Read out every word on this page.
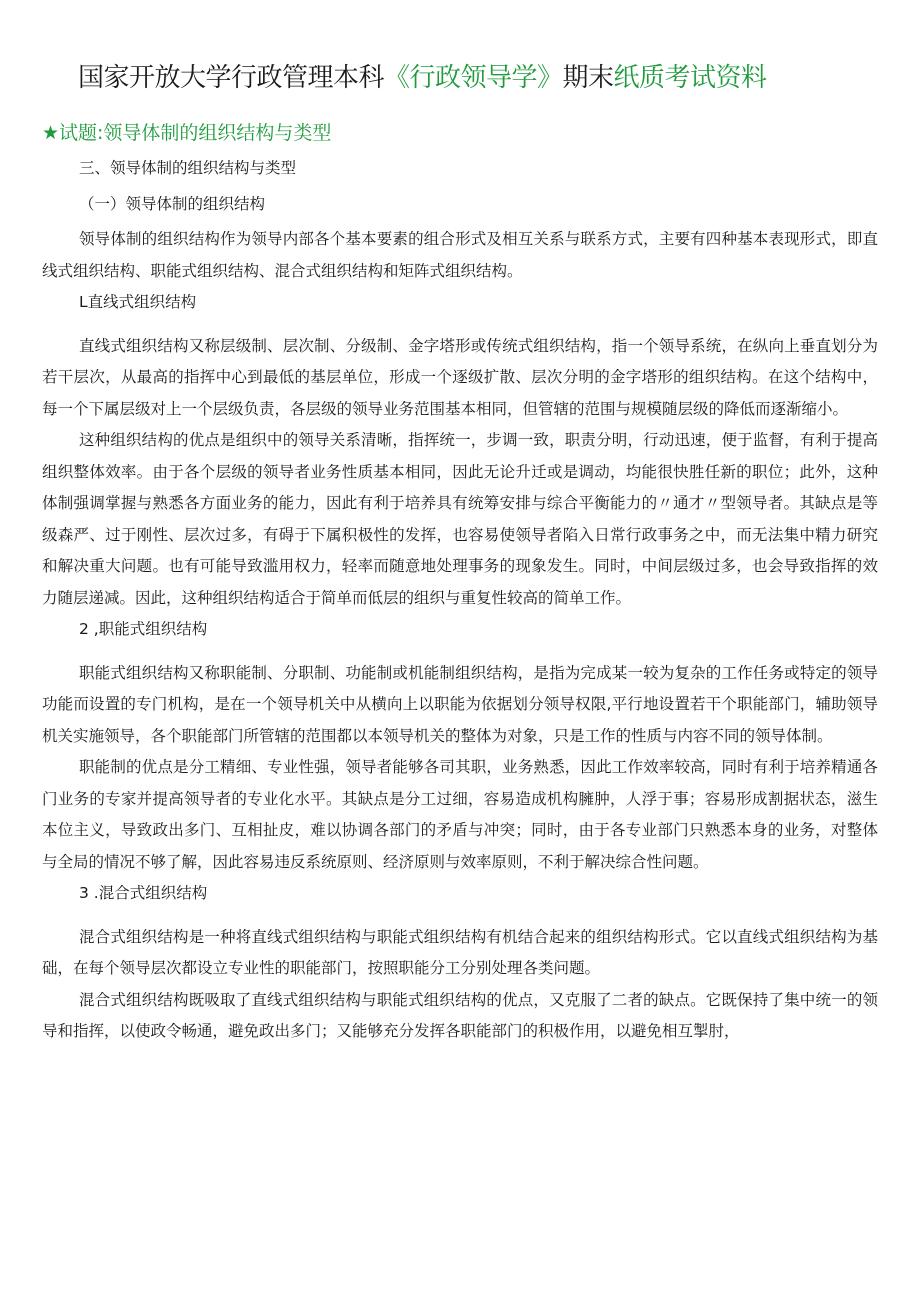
国家开放大学行政管理本科《行政领导学》期末纸质考试资料
★试题:领导体制的组织结构与类型

三、领导体制的组织结构与类型

（一）领导体制的组织结构

领导体制的组织结构作为领导内部各个基本要素的组合形式及相互关系与联系方式，主要有四种基本表现形式，即直线式组织结构、职能式组织结构、混合式组织结构和矩阵式组织结构。

L直线式组织结构

直线式组织结构又称层级制、层次制、分级制、金字塔形或传统式组织结构，指一个领导系统，在纵向上垂直划分为若干层次，从最高的指挥中心到最低的基层单位，形成一个逐级扩散、层次分明的金字塔形的组织结构。在这个结构中，每一个下属层级对上一个层级负责，各层级的领导业务范围基本相同，但管辖的范围与规模随层级的降低而逐渐缩小。

这种组织结构的优点是组织中的领导关系清晰，指挥统一，步调一致，职责分明，行动迅速，便于监督，有利于提高组织整体效率。由于各个层级的领导者业务性质基本相同，因此无论升迁或是调动，均能很快胜任新的职位；此外，这种体制强调掌握与熟悉各方面业务的能力，因此有利于培养具有统筹安排与综合平衡能力的〃通才〃型领导者。其缺点是等级森严、过于刚性、层次过多，有碍于下属积极性的发挥，也容易使领导者陷入日常行政事务之中，而无法集中精力研究和解决重大问题。也有可能导致滥用权力，轻率而随意地处理事务的现象发生。同时，中间层级过多，也会导致指挥的效力随层递减。因此，这种组织结构适合于简单而低层的组织与重复性较高的简单工作。

2 ,职能式组织结构

职能式组织结构又称职能制、分职制、功能制或机能制组织结构，是指为完成某一较为复杂的工作任务或特定的领导功能而设置的专门机构，是在一个领导机关中从横向上以职能为依据划分领导权限,平行地设置若干个职能部门，辅助领导机关实施领导，各个职能部门所管辖的范围都以本领导机关的整体为对象，只是工作的性质与内容不同的领导体制。

职能制的优点是分工精细、专业性强，领导者能够各司其职，业务熟悉，因此工作效率较高，同时有利于培养精通各门业务的专家并提高领导者的专业化水平。其缺点是分工过细，容易造成机构臃肿，人浮于事；容易形成割据状态，滋生本位主义，导致政出多门、互相扯皮，难以协调各部门的矛盾与冲突；同时，由于各专业部门只熟悉本身的业务，对整体与全局的情况不够了解，因此容易违反系统原则、经济原则与效率原则，不利于解决综合性问题。

3 .混合式组织结构

混合式组织结构是一种将直线式组织结构与职能式组织结构有机结合起来的组织结构形式。它以直线式组织结构为基础，在每个领导层次都设立专业性的职能部门，按照职能分工分别处理各类问题。

混合式组织结构既吸取了直线式组织结构与职能式组织结构的优点，又克服了二者的缺点。它既保持了集中统一的领导和指挥，以使政令畅通，避免政出多门；又能够充分发挥各职能部门的积极作用，以避免相互掣肘，
